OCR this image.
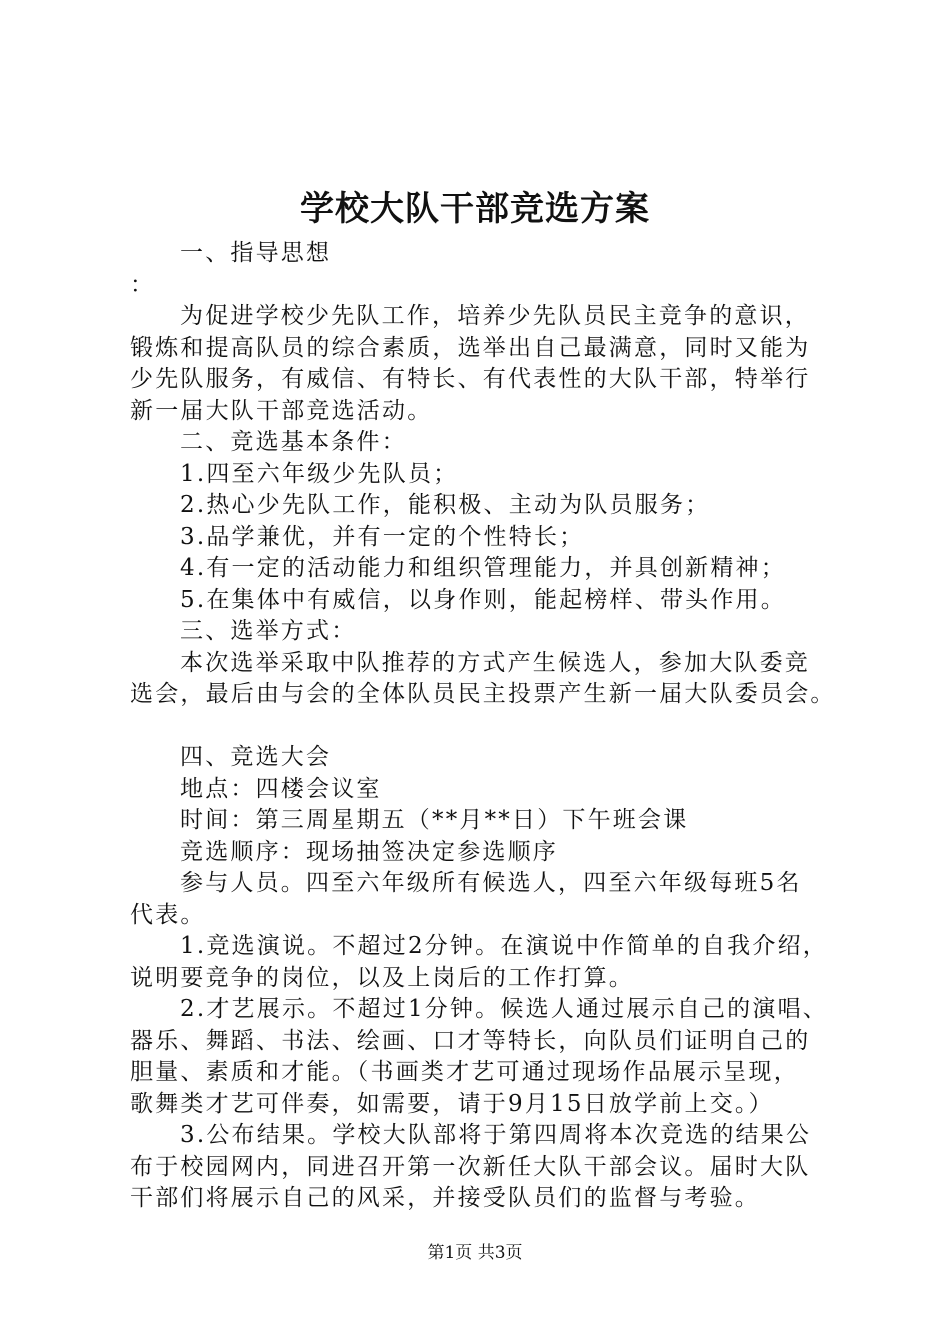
学校大队干部竞选方案

一、指导思想

：

为促进学校少先队工作，培养少先队员民主竞争的意识，

锻炼和提高队员的综合素质，选举出自己最满意，同时又能为

少先队服务，有威信、有特长、有代表性的大队干部，特举行

新一届大队干部竞选活动。

二、竞选基本条件：

1.四至六年级少先队员；

2.热心少先队工作，能积极、主动为队员服务；

3.品学兼优，并有一定的个性特长；

4.有一定的活动能力和组织管理能力，并具创新精神；

5.在集体中有威信，以身作则，能起榜样、带头作用。

三、选举方式：

本次选举采取中队推荐的方式产生候选人，参加大队委竞

选会，最后由与会的全体队员民主投票产生新一届大队委员会。

四、竞选大会

地点：四楼会议室

时间：第三周星期五（**月**日）下午班会课

竞选顺序：现场抽签决定参选顺序

参与人员。四至六年级所有候选人，四至六年级每班5名

代表。

1.竞选演说。不超过2分钟。在演说中作简单的自我介绍，

说明要竞争的岗位，以及上岗后的工作打算。

2.才艺展示。不超过1分钟。候选人通过展示自己的演唱、

器乐、舞蹈、书法、绘画、口才等特长，向队员们证明自己的

胆量、素质和才能。（书画类才艺可通过现场作品展示呈现，

歌舞类才艺可伴奏，如需要，请于9月15日放学前上交。）

3.公布结果。学校大队部将于第四周将本次竞选的结果公

布于校园网内，同进召开第一次新任大队干部会议。届时大队

干部们将展示自己的风采，并接受队员们的监督与考验。

第1页 共3页
